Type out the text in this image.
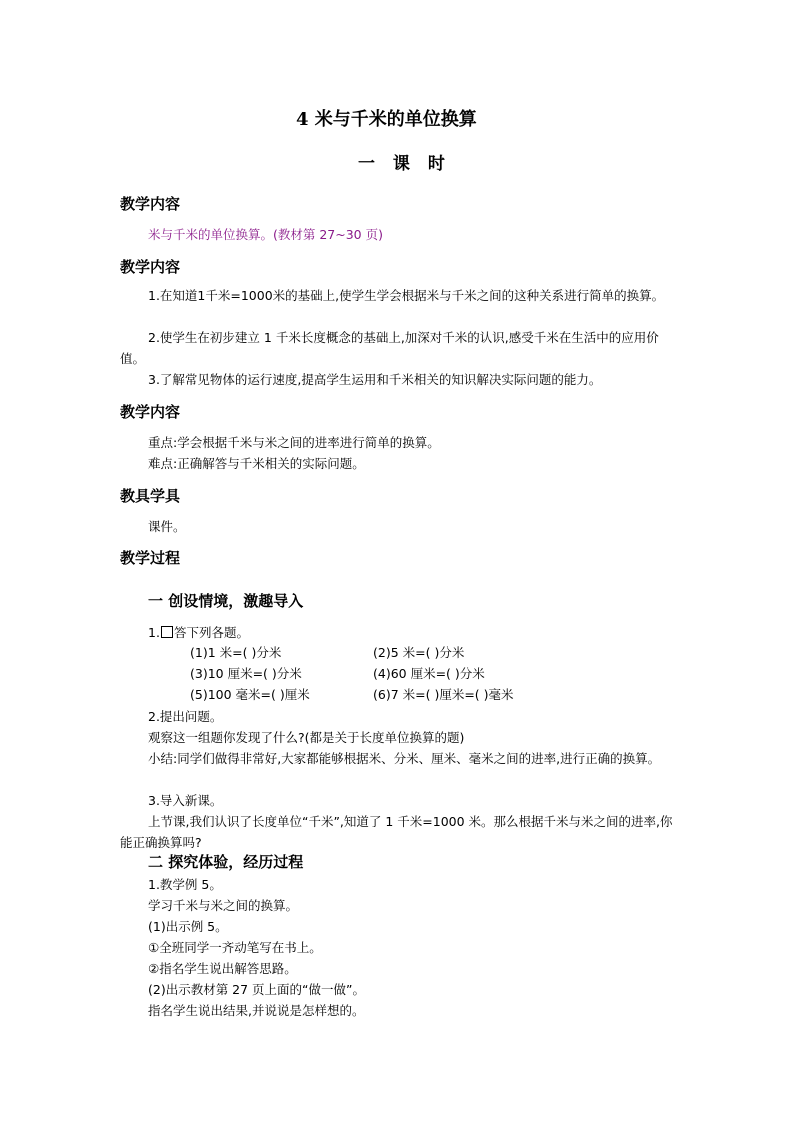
4 米与千米的单位换算
一 课 时
教学内容
米与千米的单位换算。(教材第 27~30 页)
教学内容
1.在知道1千米=1000米的基础上,使学生学会根据米与千米之间的这种关系进行简单的换算。
2.使学生在初步建立 1 千米长度概念的基础上,加深对千米的认识,感受千米在生活中的应用价值。
3.了解常见物体的运行速度,提高学生运用和千米相关的知识解决实际问题的能力。
教学内容
重点:学会根据千米与米之间的进率进行简单的换算。
难点:正确解答与千米相关的实际问题。
教具学具
课件。
教学过程
一 创设情境，激趣导入
1. 答下列各题。
(1)1 米=( )分米	(2)5 米=( )分米
(3)10 厘米=( )分米	(4)60 厘米=( )分米
(5)100 毫米=( )厘米	(6)7 米=( )厘米=( )毫米
2.提出问题。
观察这一组题你发现了什么?(都是关于长度单位换算的题)
小结:同学们做得非常好,大家都能够根据米、分米、厘米、毫米之间的进率,进行正确的换算。
3.导入新课。
上节课,我们认识了长度单位“千米”,知道了 1 千米=1000 米。那么根据千米与米之间的进率,你能正确换算吗?
二 探究体验，经历过程
1.教学例 5。
学习千米与米之间的换算。
(1)出示例 5。
①全班同学一齐动笔写在书上。
②指名学生说出解答思路。
(2)出示教材第 27 页上面的“做一做”。
指名学生说出结果,并说说是怎样想的。
